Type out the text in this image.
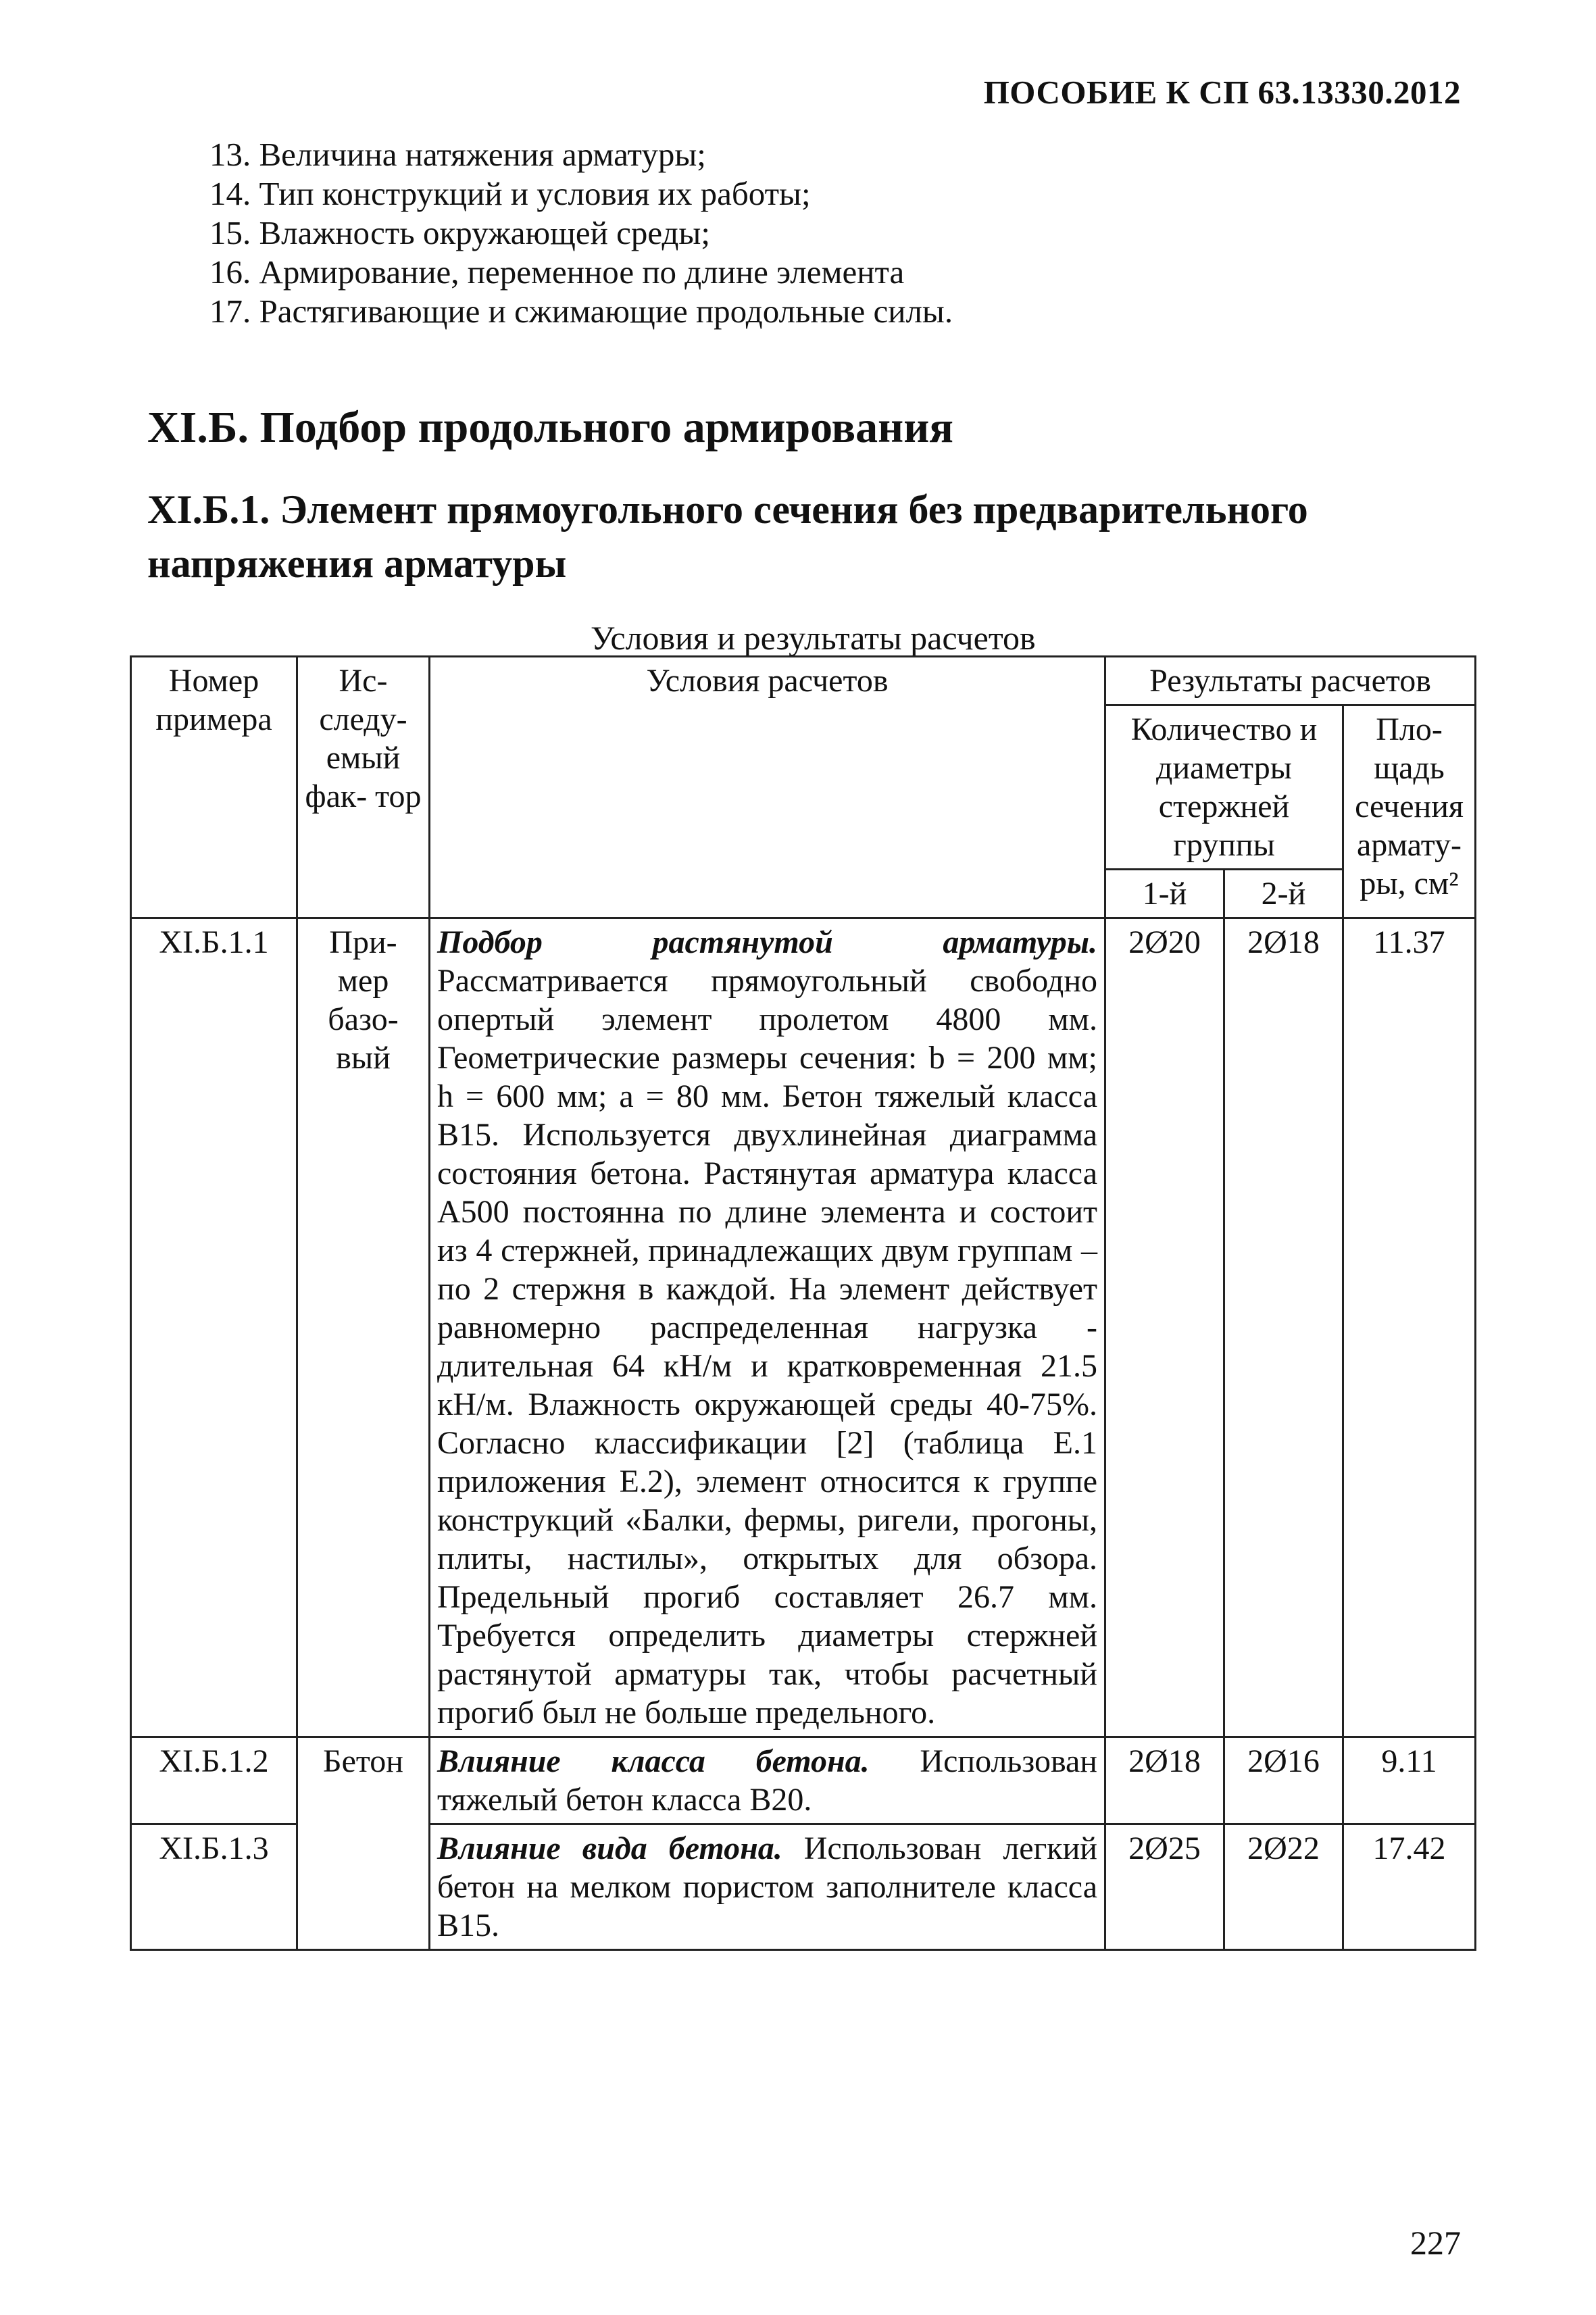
ПОСОБИЕ К СП 63.13330.2012
13. Величина натяжения арматуры;
14. Тип конструкций и условия их работы;
15. Влажность окружающей среды;
16. Армирование, переменное по длине элемента
17. Растягивающие и сжимающие продольные силы.
XI.Б. Подбор продольного армирования
XI.Б.1. Элемент прямоугольного сечения без предварительного напряжения арматуры
Условия и результаты расчетов
Номер примера	Ис- следу- емый фак- тор	Условия расчетов	Результаты расчетов		
			Количество и диаметры стержней группы		Пло- щадь сечения армату- ры, см²
			1-й	2-й	
XI.Б.1.1	При- мер базо- вый	Подбор растянутой арматуры. Рассматривается прямоугольный свободно опертый элемент пролетом 4800 мм. Геометрические размеры сечения: b = 200 мм; h = 600 мм; a = 80 мм. Бетон тяжелый класса В15. Используется двухлинейная диаграмма состояния бетона. Растянутая арматура класса А500 постоянна по длине элемента и состоит из 4 стержней, принадлежащих двум группам – по 2 стержня в каждой. На элемент действует равномерно распределенная нагрузка - длительная 64 кН/м и кратковременная 21.5 кН/м. Влажность окружающей среды 40-75%. Согласно классификации [2] (таблица Е.1 приложения Е.2), элемент относится к группе конструкций «Балки, фермы, ригели, прогоны, плиты, настилы», открытых для обзора. Предельный прогиб составляет 26.7 мм. Требуется определить диаметры стержней растянутой арматуры так, чтобы расчетный прогиб был не больше предельного.	2Ø20	2Ø18	11.37
XI.Б.1.2	Бетон	Влияние класса бетона. Использован тяжелый бетон класса В20.	2Ø18	2Ø16	9.11
XI.Б.1.3		Влияние вида бетона. Использован легкий бетон на мелком пористом заполнителе класса В15.	2Ø25	2Ø22	17.42
227
